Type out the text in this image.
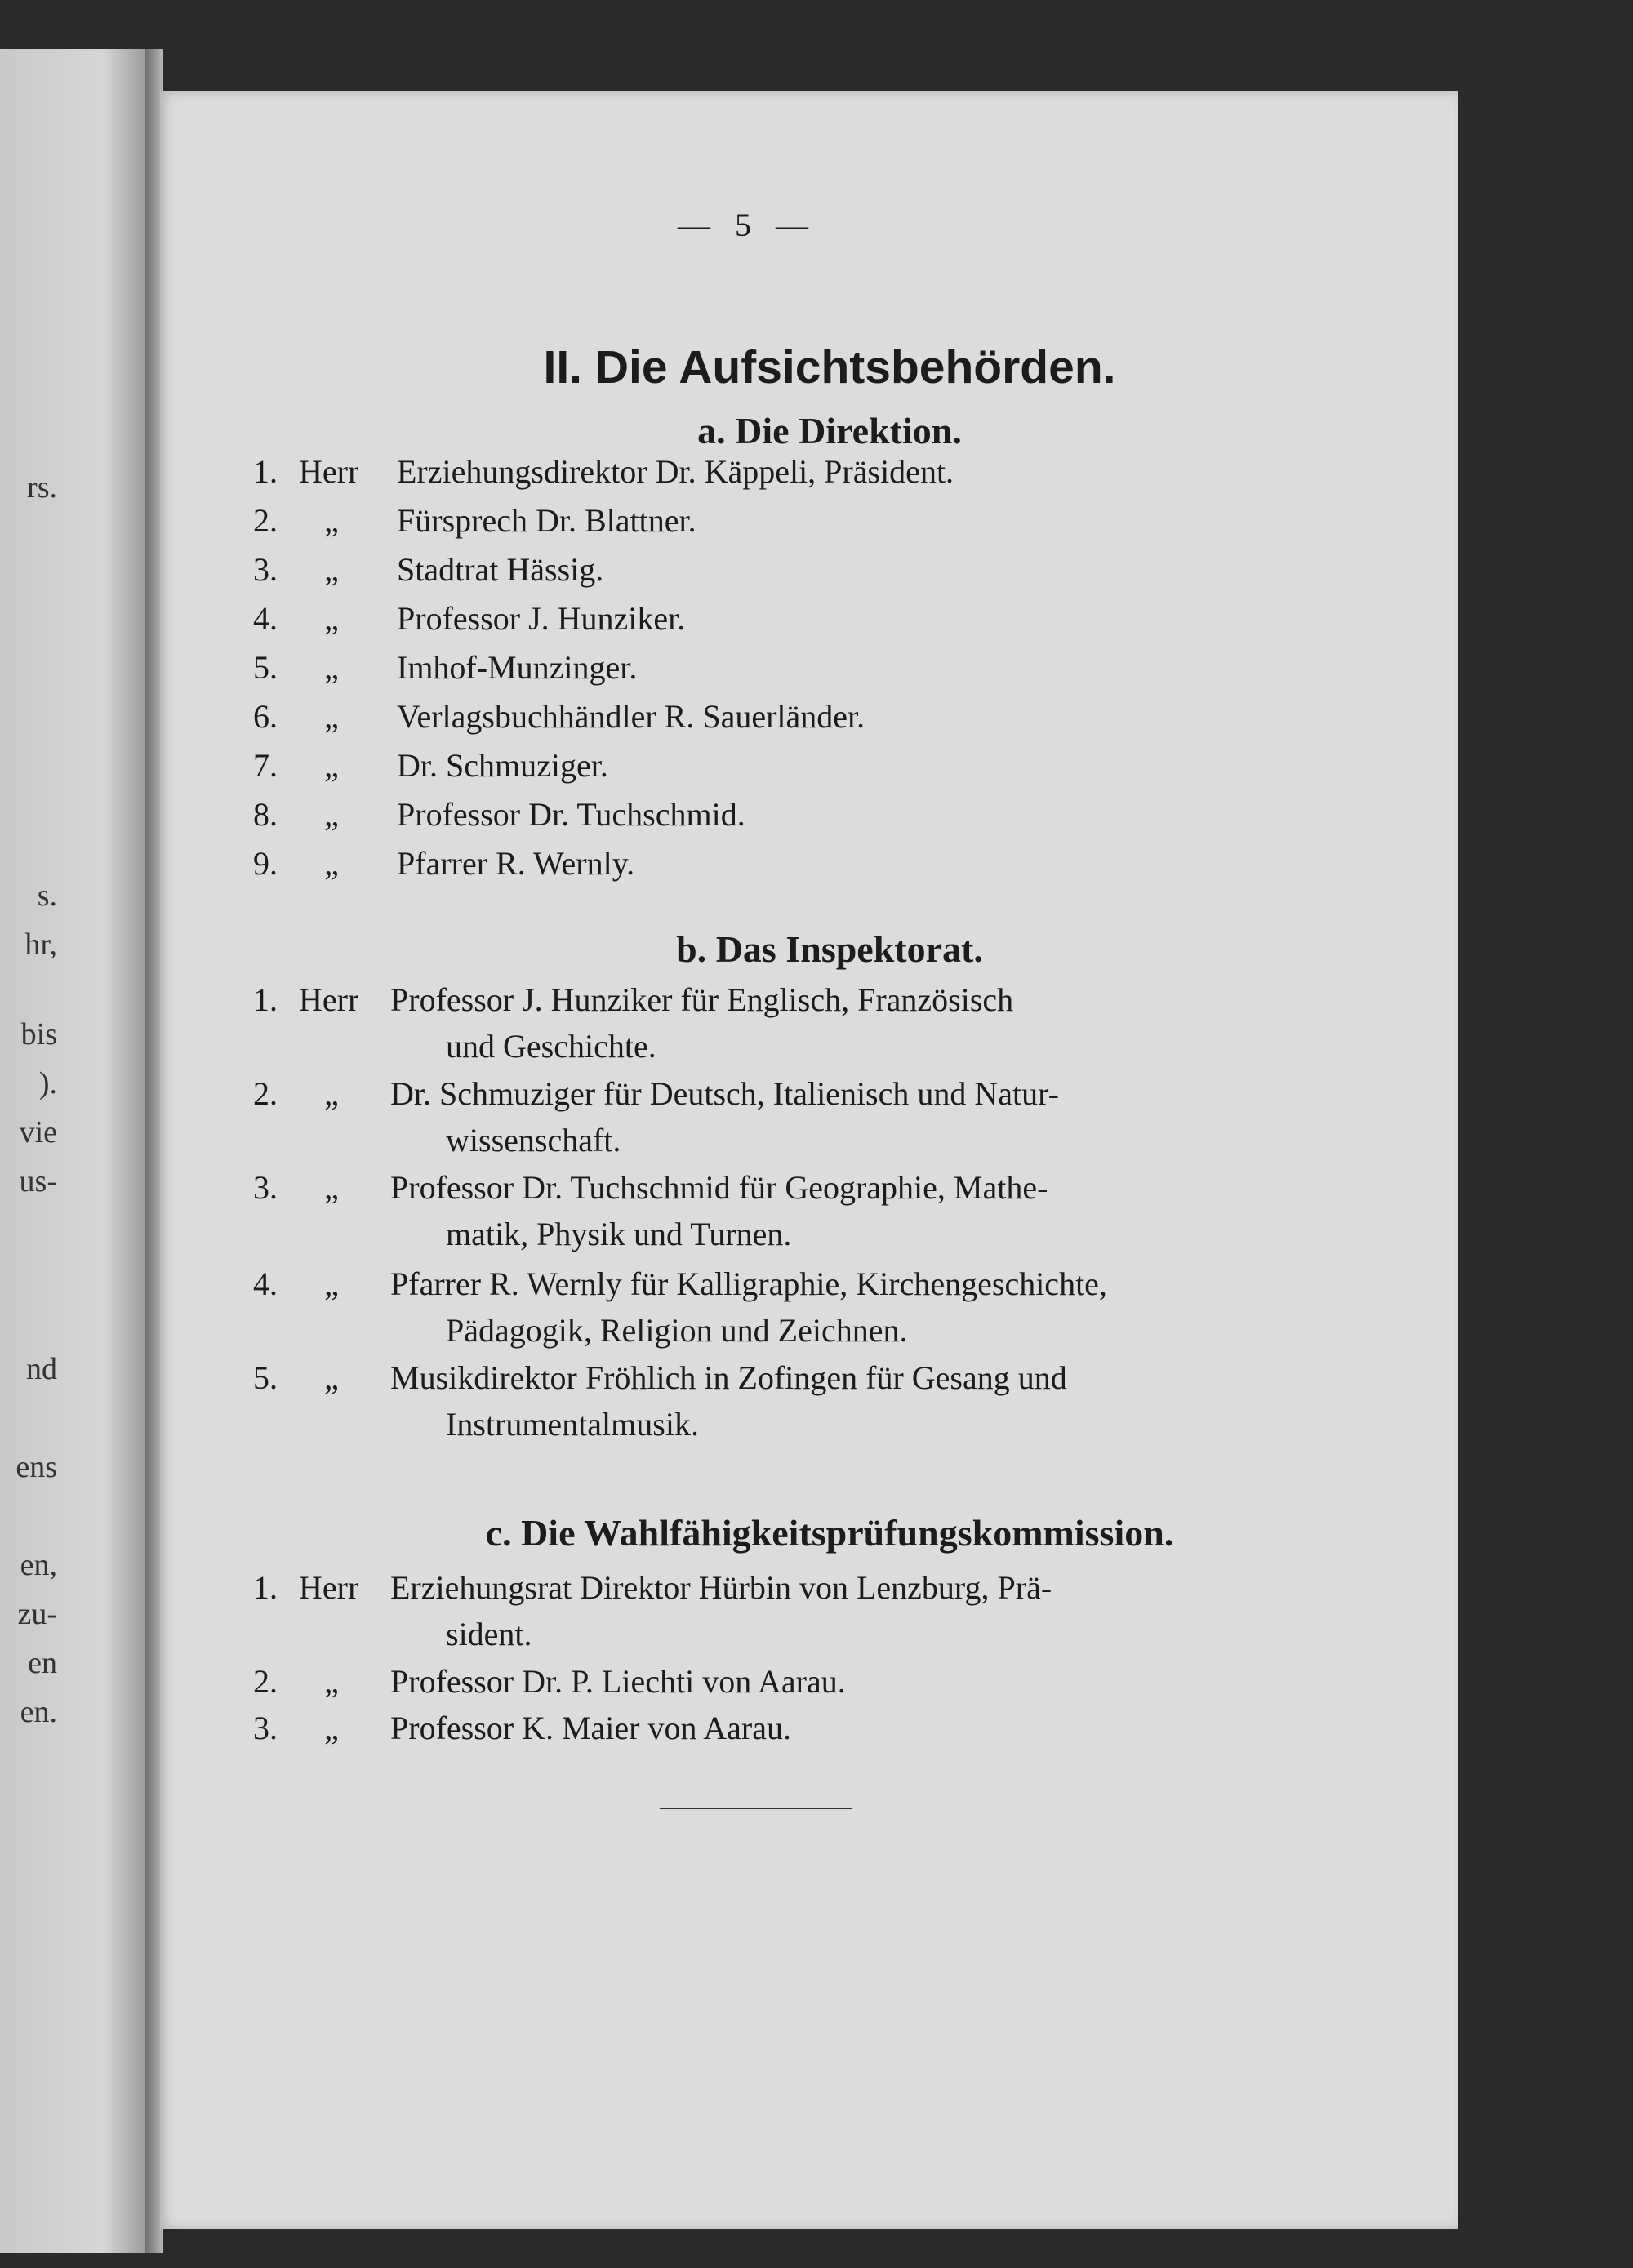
rs.
s.
hr,
bis
).
vie
us-
nd
ens
en,
zu-
en
en.
— 5 —
II. Die Aufsichtsbehörden.
a. Die Direktion.
1. Herr Erziehungsdirektor Dr. Käppeli, Präsident.
2.	„	Fürsprech Dr. Blattner.
3.	„	Stadtrat Hässig.
4.	„	Professor J. Hunziker.
5.	„	Imhof-Munzinger.
6.	„	Verlagsbuchhändler R. Sauerländer.
7.	„	Dr. Schmuziger.
8.	„	Professor Dr. Tuchschmid.
9.	„	Pfarrer R. Wernly.
b. Das Inspektorat.
1. Herr Professor J. Hunziker für Englisch, Französisch
und Geschichte.
2.	„	Dr. Schmuziger für Deutsch, Italienisch und Natur-
wissenschaft.
3.	„	Professor Dr. Tuchschmid für Geographie, Mathe-
matik, Physik und Turnen.
4.	„	Pfarrer R. Wernly für Kalligraphie, Kirchengeschichte,
Pädagogik, Religion und Zeichnen.
5.	„	Musikdirektor Fröhlich in Zofingen für Gesang und
Instrumentalmusik.
c. Die Wahlfähigkeitsprüfungskommission.
1. Herr Erziehungsrat Direktor Hürbin von Lenzburg, Prä-
sident.
2.	„	Professor Dr. P. Liechti von Aarau.
3.	„	Professor K. Maier von Aarau.
